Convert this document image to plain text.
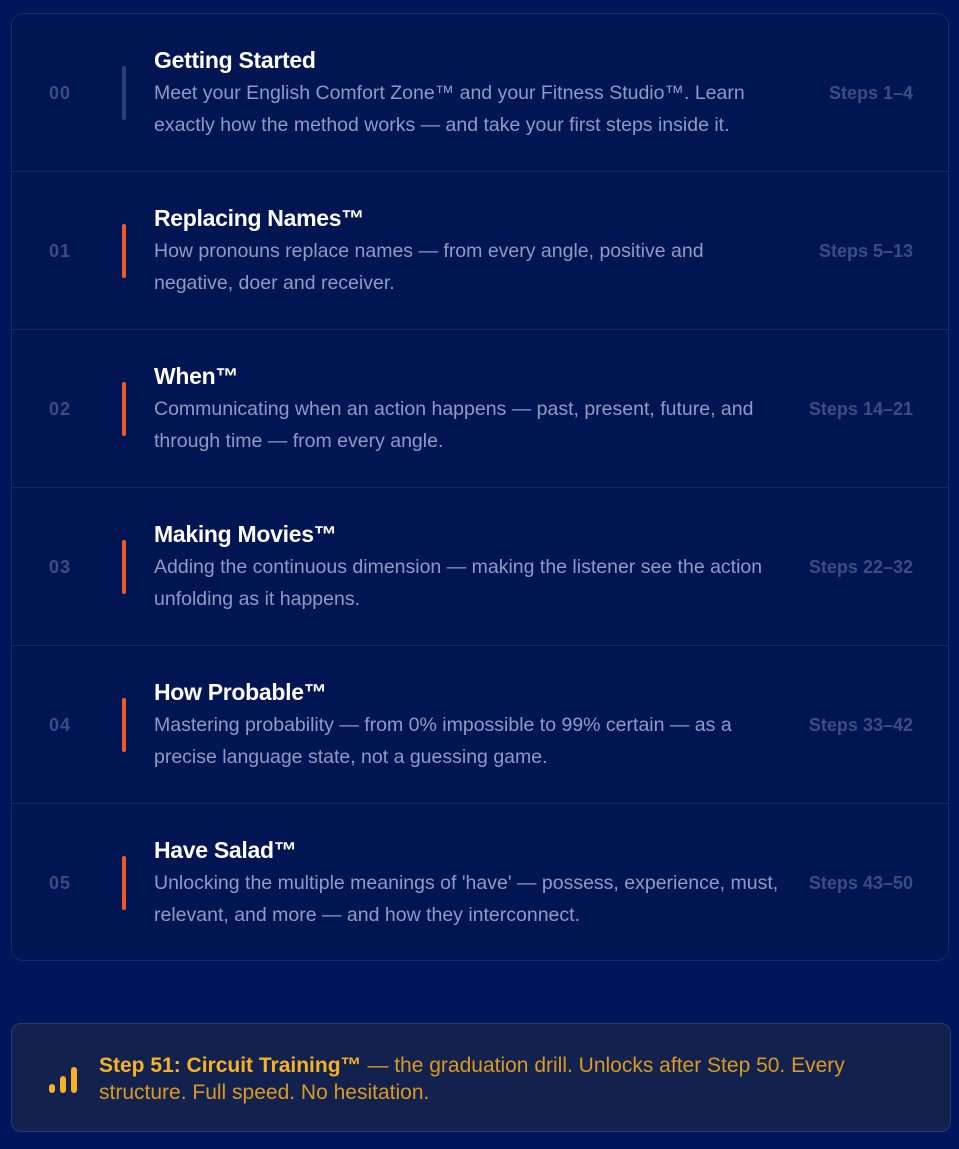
00
Getting Started
Meet your English Comfort Zone™ and your Fitness Studio™. Learn exactly how the method works — and take your first steps inside it.
Steps 1–4
01
Replacing Names™
How pronouns replace names — from every angle, positive and negative, doer and receiver.
Steps 5–13
02
When™
Communicating when an action happens — past, present, future, and through time — from every angle.
Steps 14–21
03
Making Movies™
Adding the continuous dimension — making the listener see the action unfolding as it happens.
Steps 22–32
04
How Probable™
Mastering probability — from 0% impossible to 99% certain — as a precise language state, not a guessing game.
Steps 33–42
05
Have Salad™
Unlocking the multiple meanings of 'have' — possess, experience, must, relevant, and more — and how they interconnect.
Steps 43–50
Step 51: Circuit Training™ — the graduation drill. Unlocks after Step 50. Every structure. Full speed. No hesitation.
